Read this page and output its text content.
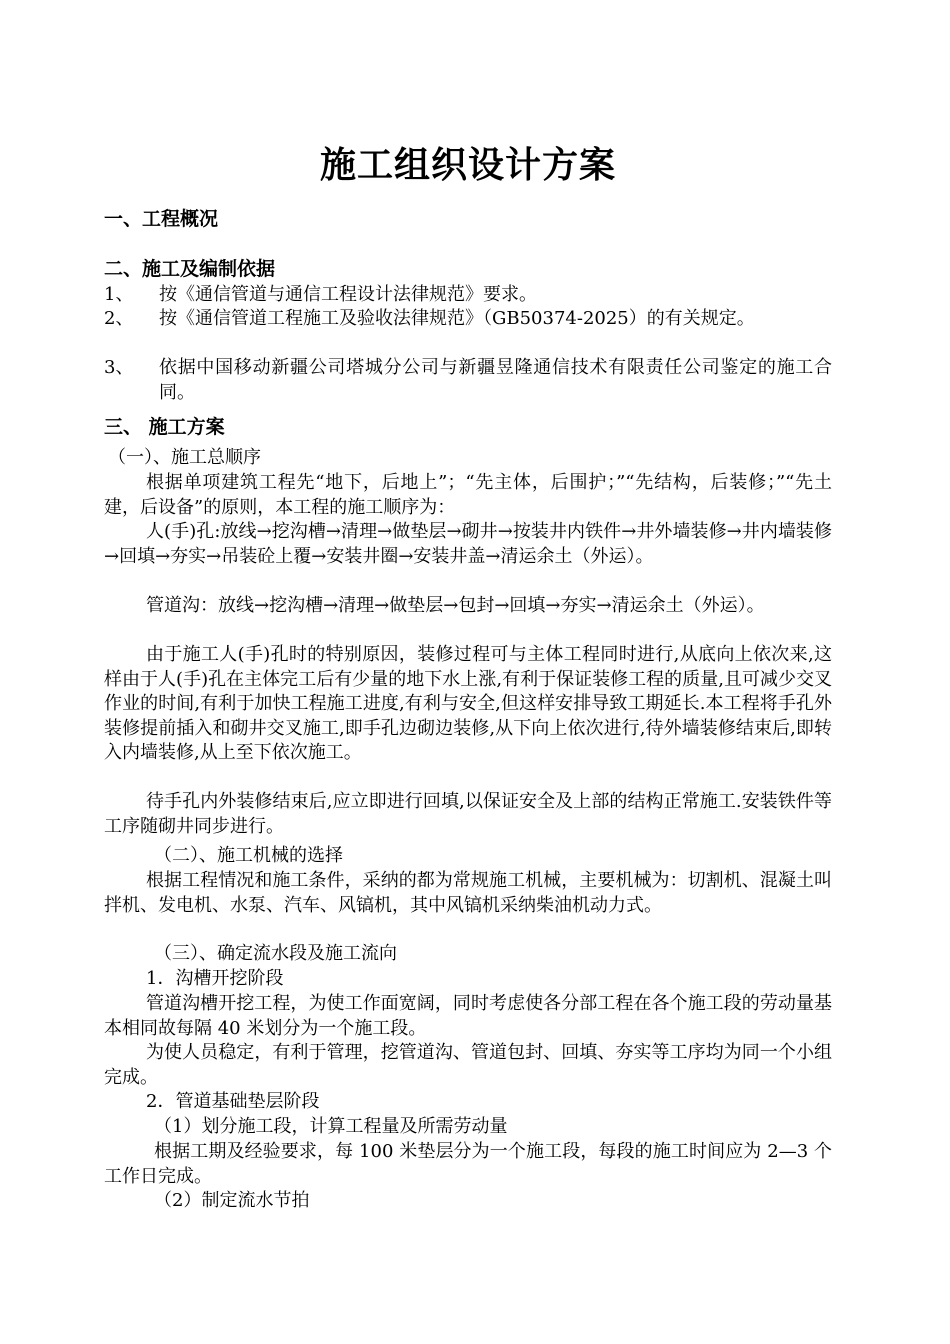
施工组织设计方案
一、工程概况
二、施工及编制依据
1、 按《通信管道与通信工程设计法律规范》要求。
2、 按《通信管道工程施工及验收法律规范》（GB50374-2025）的有关规定。
3、 依据中国移动新疆公司塔城分公司与新疆昱隆通信技术有限责任公司鉴定的施工合同。
三、 施工方案
（一）、施工总顺序
根据单项建筑工程先“地下，后地上”；“先主体，后围护；”“先结构，后装修；”“先土建，后设备”的原则，本工程的施工顺序为：
人(手)孔:放线→挖沟槽→清理→做垫层→砌井→按装井内铁件→井外墙装修→井内墙装修→回填→夯实→吊装砼上覆→安装井圈→安装井盖→清运余土（外运）。
管道沟：放线→挖沟槽→清理→做垫层→包封→回填→夯实→清运余土（外运）。
由于施工人(手)孔时的特别原因，装修过程可与主体工程同时进行,从底向上依次来,这样由于人(手)孔在主体完工后有少量的地下水上涨,有利于保证装修工程的质量,且可减少交叉作业的时间,有利于加快工程施工进度,有利与安全,但这样安排导致工期延长.本工程将手孔外装修提前插入和砌井交叉施工,即手孔边砌边装修,从下向上依次进行,待外墙装修结束后,即转入内墙装修,从上至下依次施工。
待手孔内外装修结束后,应立即进行回填,以保证安全及上部的结构正常施工.安装铁件等工序随砌井同步进行。
（二）、施工机械的选择
根据工程情况和施工条件，采纳的都为常规施工机械，主要机械为：切割机、混凝土叫拌机、发电机、水泵、汽车、风镐机，其中风镐机采纳柴油机动力式。
（三）、确定流水段及施工流向
1．沟槽开挖阶段
管道沟槽开挖工程，为使工作面宽阔，同时考虑使各分部工程在各个施工段的劳动量基本相同故每隔 40 米划分为一个施工段。
为使人员稳定，有利于管理，挖管道沟、管道包封、回填、夯实等工序均为同一个小组完成。
2．管道基础垫层阶段
（1）划分施工段，计算工程量及所需劳动量
根据工期及经验要求，每 100 米垫层分为一个施工段，每段的施工时间应为 2—3 个工作日完成。
（2）制定流水节拍
